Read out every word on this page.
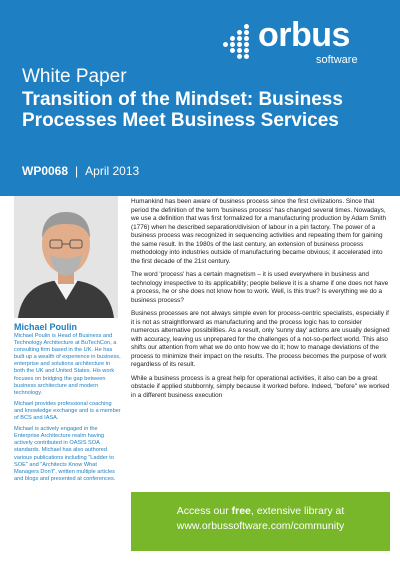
orbus
software
White Paper
Transition of the Mindset: Business Processes Meet Business Services
WP0068 | April 2013
Michael Poulin

Michael Poulin is Head of Business and Technology Architecture at BuTechCon, a consulting firm based in the UK. He has built up a wealth of experience in business, enterprise and solutions architecture in both the UK and United States. His work focuses on bridging the gap between business architecture and modern technology.

Michael provides professional coaching and knowledge exchange and is a member of BCS and IASA.

Michael is actively engaged in the Enterprise Architecture realm having actively contributed in OASIS SOA standards. Michael has also authored various publications including "Ladder to SOE" and "Architects Know What Managers Don't", written multiple articles and blogs and presented at conferences.

Humankind has been aware of business process since the first civilizations. Since that period the definition of the term 'business process' has changed several times. Nowadays, we use a definition that was first formalized for a manufacturing production by Adam Smith (1776) when he described separation/division of labour in a pin factory. The power of a business process was recognized in sequencing activities and repeating them for gaining the same result. In the 1980s of the last century, an extension of business process methodology into industries outside of manufacturing became obvious; it accelerated into the first decade of the 21st century.

The word 'process' has a certain magnetism – it is used everywhere in business and technology irrespective to its applicability; people believe it is a shame if one does not have a process, he or she does not know how to work. Well, is this true? Is everything we do a business process?

Business processes are not always simple even for process-centric specialists, especially if it is not as straightforward as manufacturing and the process logic has to consider numerous alternative possibilities. As a result, only 'sunny day' actions are usually designed with accuracy, leaving us unprepared for the challenges of a not-so-perfect world. This also shifts our attention from what we do onto how we do it; how to manage deviations of the process to minimize their impact on the results. The process becomes the purpose of work regardless of its result.

While a business process is a great help for operational activities, it also can be a great obstacle if applied stubbornly, simply because it worked before. Indeed, "before" we worked in a different business execution

Access our free, extensive library at
www.orbussoftware.com/community
